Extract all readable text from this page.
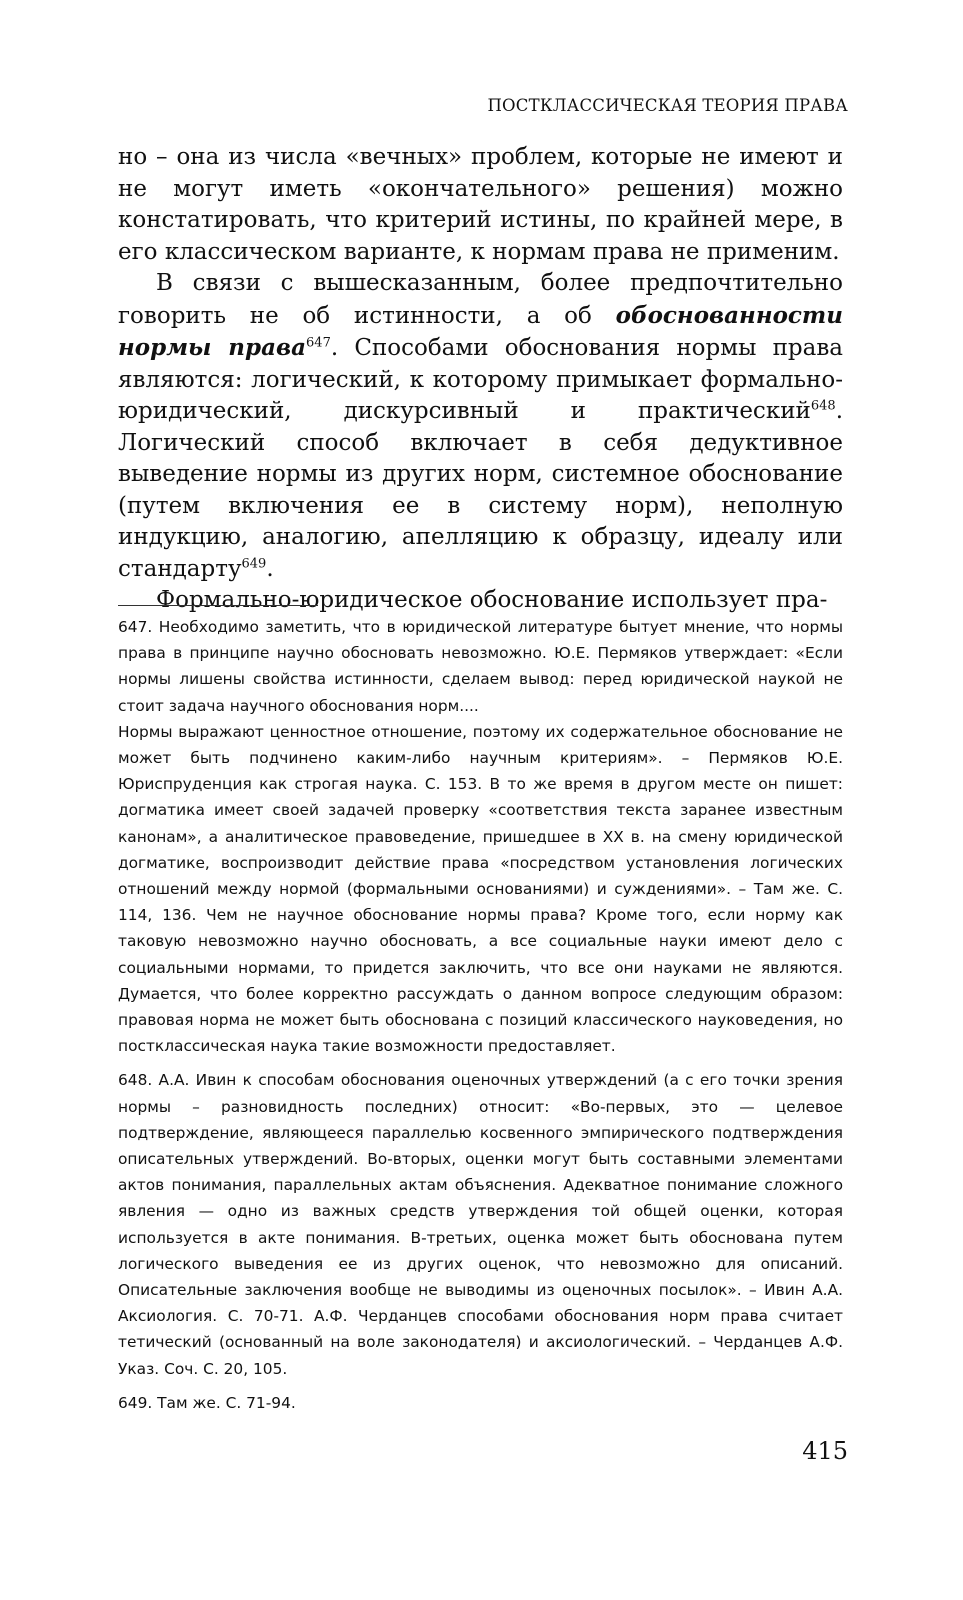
ПОСТКЛАССИЧЕСКАЯ ТЕОРИЯ ПРАВА

но – она из числа «вечных» проблем, которые не имеют и не могут иметь «окончательного» решения) можно констатировать, что критерий истины, по крайней мере, в его классическом варианте, к нормам права не применим.

В связи с вышесказанным, более предпочтительно говорить не об истинности, а об обоснованности нормы права$^{647}$. Способами обоснования нормы права являются: логический, к которому примыкает формально-юридический, дискурсивный и практический$^{648}$. Логический способ включает в себя дедуктивное выведение нормы из других норм, системное обоснование (путем включения ее в систему норм), неполную индукцию, аналогию, апелляцию к образцу, идеалу или стандарту$^{649}$.

Формально-юридическое обоснование использует пра-

647. Необходимо заметить, что в юридической литературе бытует мнение, что нормы права в принципе научно обосновать невозможно. Ю.Е. Пермяков утверждает: «Если нормы лишены свойства истинности, сделаем вывод: перед юридической наукой не стоит задача научного обоснования норм....

Нормы выражают ценностное отношение, поэтому их содержательное обоснование не может быть подчинено каким-либо научным критериям». – Пермяков Ю.Е. Юриспруденция как строгая наука. С. 153. В то же время в другом месте он пишет: догматика имеет своей задачей проверку «соответствия текста заранее известным канонам», а аналитическое правоведение, пришедшее в XX в. на смену юридической догматике, воспроизводит действие права «посредством установления логических отношений между нормой (формальными основаниями) и суждениями». – Там же. С. 114, 136. Чем не научное обоснование нормы права? Кроме того, если норму как таковую невозможно научно обосновать, а все социальные науки имеют дело с социальными нормами, то придется заключить, что все они науками не являются. Думается, что более корректно рассуждать о данном вопросе следующим образом: правовая норма не может быть обоснована с позиций классического науковедения, но постклассическая наука такие возможности предоставляет.

648. А.А. Ивин к способам обоснования оценочных утверждений (а с его точки зрения нормы – разновидность последних) относит: «Во-первых, это — целевое подтверждение, являющееся параллелью косвенного эмпирического подтверждения описательных утверждений. Во-вторых, оценки могут быть составными элементами актов понимания, параллельных актам объяснения. Адекватное понимание сложного явления — одно из важных средств утверждения той общей оценки, которая используется в акте понимания. В-третьих, оценка может быть обоснована путем логического выведения ее из других оценок, что невозможно для описаний. Описательные заключения вообще не выводимы из оценочных посылок». – Ивин А.А. Аксиология. С. 70-71. А.Ф. Черданцев способами обоснования норм права считает тетический (основанный на воле законодателя) и аксиологический. – Черданцев А.Ф. Указ. Соч. С. 20, 105.

649. Там же. С. 71-94.

415
